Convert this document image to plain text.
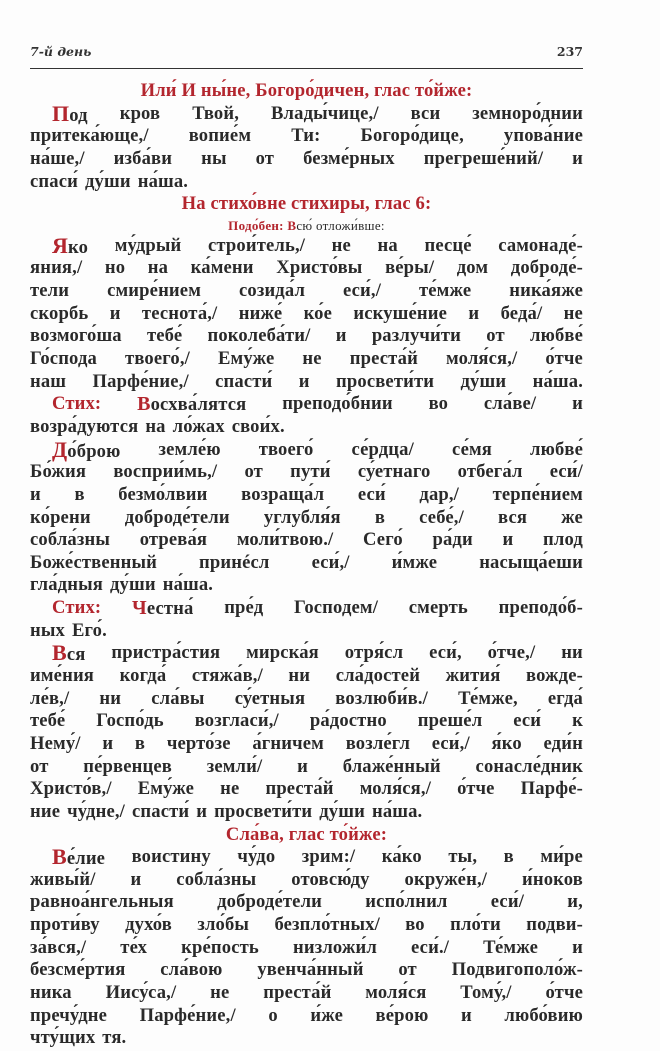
7-й день	237
Или́ И ны́не, Богоро́дичен, глас то́йже:
Под кров Твой, Влады́чице,/ вси земноро́днии
притека́юще,/ вопие́м Ти: Богоро́дице, упова́ние
на́ше,/ изба́ви ны от безме́рных прегреше́ний/ и
спаси́ ду́ши на́ша.
На стихо́вне стихиры, глас 6:
Подо́бен: Всю́ отложи́вше:
Яко му́дрый строи́тель,/ не на песце́ самонаде́-
яния,/ но на ка́мени Христо́вы ве́ры/ дом доброде́-
тели смире́нием созида́л еси́,/ те́мже ника́яже
скорбь и теснота́,/ ниже́ ко́е искуше́ние и беда́/ не
возмого́ша тебе́ поколеба́ти/ и разлучи́ти от любве́
Го́спода твоего́,/ Ему́же не преста́й моля́ся,/ о́тче
наш Парфе́ние,/ спасти́ и просвети́ти ду́ши на́ша.
Стих: Восхва́лятся преподо́бнии во сла́ве/ и
возра́дуются на ло́жах свои́х.
До́брою земле́ю твоего́ се́рдца/ се́мя любве́
Бо́жия восприи́мь,/ от пути́ су́етнаго отбега́л еси́/
и в безмо́лвии возраща́л еси́ дар,/ терпе́нием
ко́рени доброде́тели углубля́я в себе́,/ вся же
собла́зны отрева́я моли́твою./ Сего́ ра́ди и плод
Боже́ственный принéсл еси́,/ и́мже насыща́еши
гла́дныя ду́ши на́ша.
Стих: Честна́ пре́д Господем/ смерть преподо́б-
ных Его́.
Вся пристра́стия мирска́я отря́сл еси́, о́тче,/ ни
име́ния когда́ стяжа́в,/ ни сла́достей жития́ вожде-
ле́в,/ ни сла́вы су́етныя возлюби́в./ Те́мже, егда́
тебе́ Госпо́дь возгласи́,/ ра́достно преше́л еси́ к
Нему́/ и в черто́зе а́гничем возле́гл еси́,/ я́ко еди́н
от пе́рвенцев земли́/ и блаже́нный сонасле́дник
Христо́в,/ Ему́же не преста́й моля́ся,/ о́тче Парфе́-
ние чу́дне,/ спасти́ и просвети́ти ду́ши на́ша.
Сла́ва, глас то́йже:
Ве́лие воистину чу́до зрим:/ ка́ко ты, в ми́ре
живы́й/ и собла́зны отовсю́ду окруже́н,/ и́ноков
равноа́нгельныя доброде́тели испо́лнил еси́/ и,
проти́ву духо́в зло́бы безпло́тных/ во пло́ти подви-
за́вся,/ те́х кре́пость низложи́л еси́./ Те́мже и
безсме́ртия сла́вою увенча́нный от Подвигополо́ж-
ника Иису́са,/ не преста́й моля́ся Тому́,/ о́тче
пречу́дне Парфе́ние,/ о и́же ве́рою и любо́вию
чту́щих тя.
